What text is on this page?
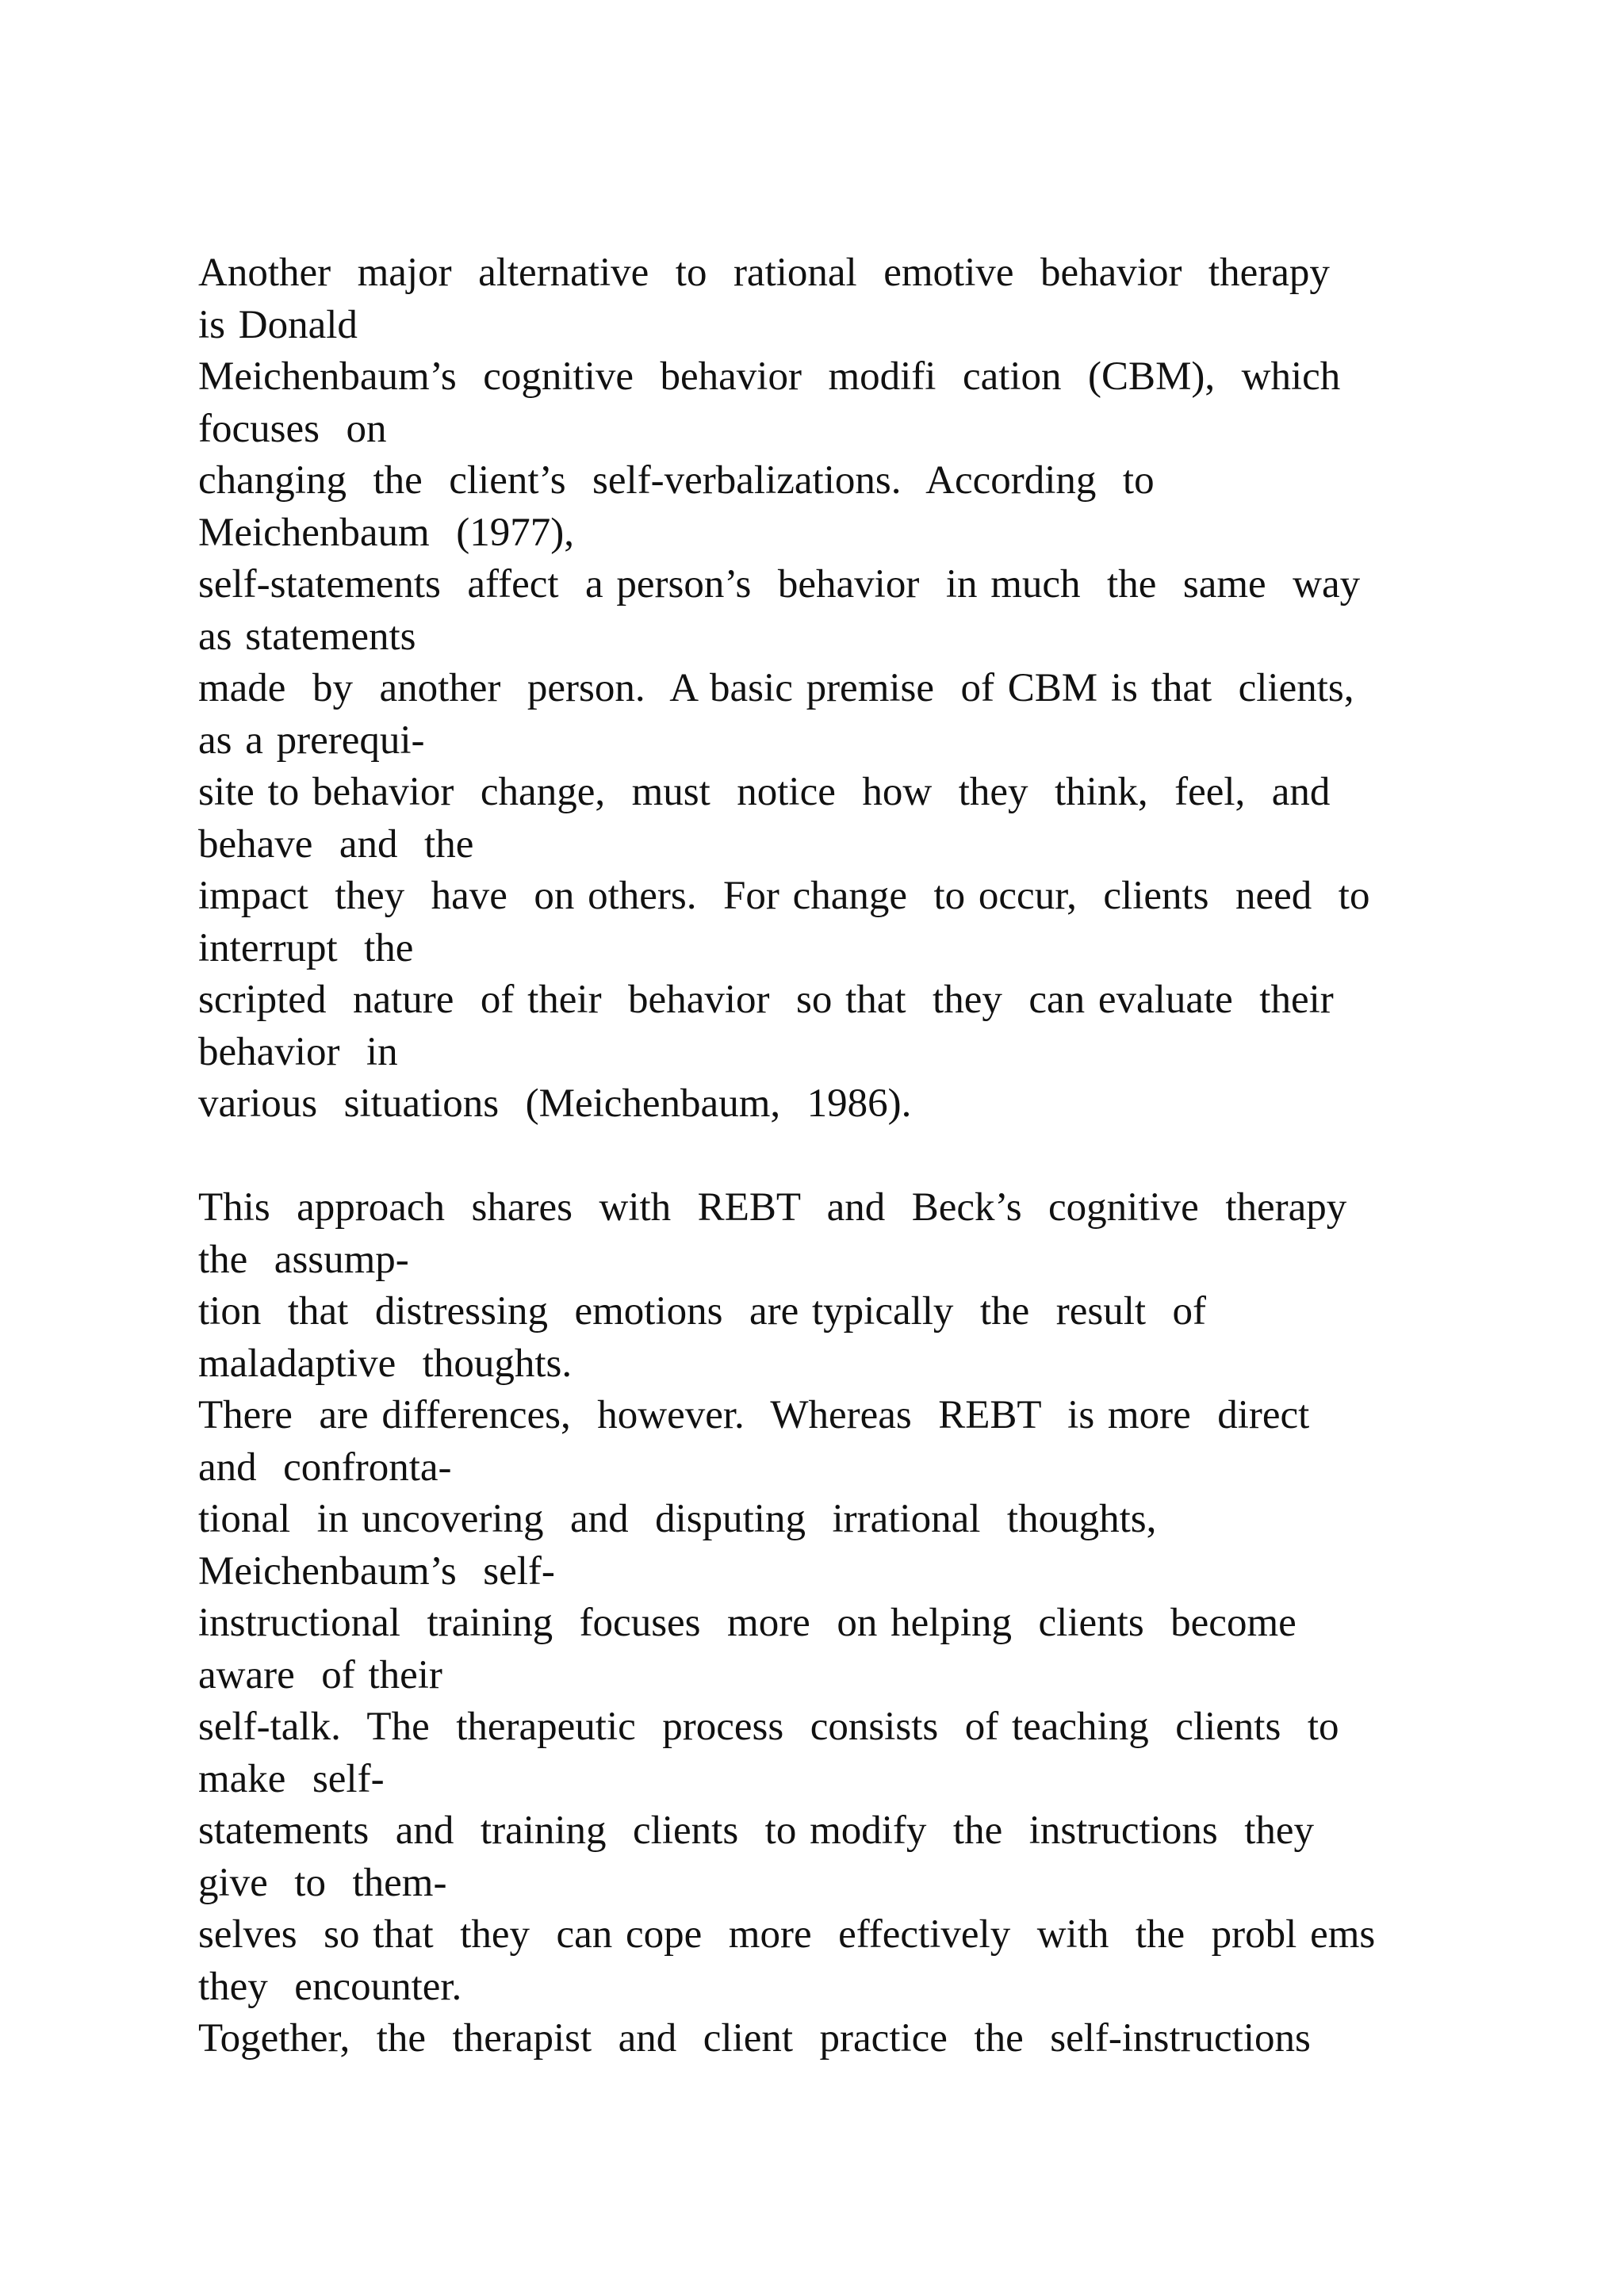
Another  major  alternative  to  rational  emotive  behavior  therapy
is Donald
Meichenbaum’s  cognitive  behavior  modifi  cation  (CBM),  which
focuses  on
changing  the  client’s  self-verbalizations.  According  to
Meichenbaum  (1977),
self-statements  affect  a person’s  behavior  in much  the  same  way
as statements
made  by  another  person.  A basic premise  of CBM is that  clients,
as a prerequi-
site to behavior  change,  must  notice  how  they  think,  feel,  and
behave  and  the
impact  they  have  on others.  For change  to occur,  clients  need  to
interrupt  the
scripted  nature  of their  behavior  so that  they  can evaluate  their
behavior  in
various  situations  (Meichenbaum,  1986).
This  approach  shares  with  REBT  and  Beck’s  cognitive  therapy
the  assump-
tion  that  distressing  emotions  are typically  the  result  of
maladaptive  thoughts.
There  are differences,  however.  Whereas  REBT  is more  direct
and  confronta-
tional  in uncovering  and  disputing  irrational  thoughts,
Meichenbaum’s  self-
instructional  training  focuses  more  on helping  clients  become
aware  of their
self-talk.  The  therapeutic  process  consists  of teaching  clients  to
make  self-
statements  and  training  clients  to modify  the  instructions  they
give  to  them-
selves  so that  they  can cope  more  effectively  with  the  probl ems
they  encounter.
Together,  the  therapist  and  client  practice  the  self-instructions
